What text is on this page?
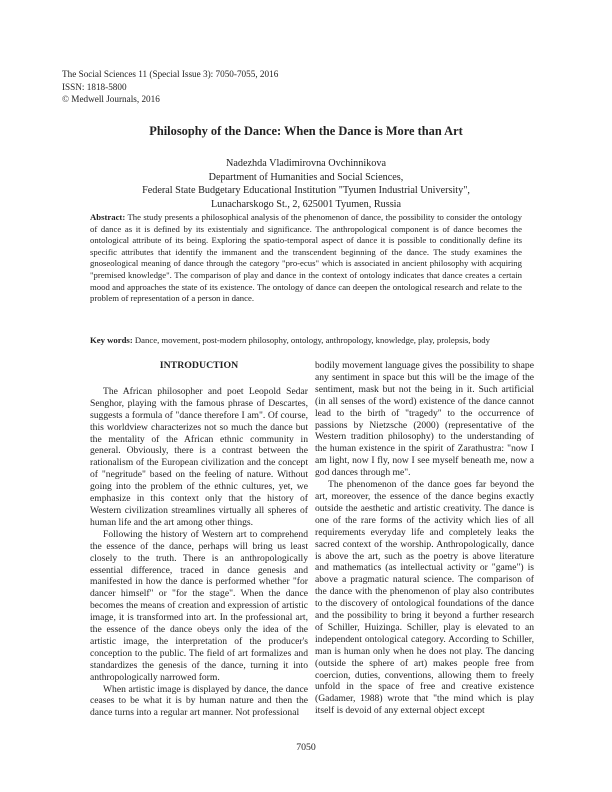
The Social Sciences 11 (Special Issue 3): 7050-7055, 2016
ISSN: 1818-5800
© Medwell Journals, 2016
Philosophy of the Dance: When the Dance is More than Art
Nadezhda Vladimirovna Ovchinnikova
Department of Humanities and Social Sciences,
Federal State Budgetary Educational Institution "Tyumen Industrial University",
Lunacharskogo St., 2, 625001 Tyumen, Russia
Abstract: The study presents a philosophical analysis of the phenomenon of dance, the possibility to consider the ontology of dance as it is defined by its existentialy and significance. The anthropological component is of dance becomes the ontological attribute of its being. Exploring the spatio-temporal aspect of dance it is possible to conditionally define its specific attributes that identify the immanent and the transcendent beginning of the dance. The study examines the gnoseological meaning of dance through the category "pro-ecus" which is associated in ancient philosophy with acquiring "premised knowledge". The comparison of play and dance in the context of ontology indicates that dance creates a certain mood and approaches the state of its existence. The ontology of dance can deepen the ontological research and relate to the problem of representation of a person in dance.
Key words: Dance, movement, post-modern philosophy, ontology, anthropology, knowledge, play, prolepsis, body
INTRODUCTION

The African philosopher and poet Leopold Sedar Senghor, playing with the famous phrase of Descartes, suggests a formula of "dance therefore I am". Of course, this worldview characterizes not so much the dance but the mentality of the African ethnic community in general. Obviously, there is a contrast between the rationalism of the European civilization and the concept of "negritude" based on the feeling of nature. Without going into the problem of the ethnic cultures, yet, we emphasize in this context only that the history of Western civilization streamlines virtually all spheres of human life and the art among other things.

Following the history of Western art to comprehend the essence of the dance, perhaps will bring us least closely to the truth. There is an anthropologically essential difference, traced in dance genesis and manifested in how the dance is performed whether "for dancer himself" or "for the stage". When the dance becomes the means of creation and expression of artistic image, it is transformed into art. In the professional art, the essence of the dance obeys only the idea of the artistic image, the interpretation of the producer's conception to the public. The field of art formalizes and standardizes the genesis of the dance, turning it into anthropologically narrowed form.

When artistic image is displayed by dance, the dance ceases to be what it is by human nature and then the dance turns into a regular art manner. Not professional

bodily movement language gives the possibility to shape any sentiment in space but this will be the image of the sentiment, mask but not the being in it. Such artificial (in all senses of the word) existence of the dance cannot lead to the birth of "tragedy" to the occurrence of passions by Nietzsche (2000) (representative of the Western tradition philosophy) to the understanding of the human existence in the spirit of Zarathustra: "now I am light, now I fly, now I see myself beneath me, now a god dances through me".

The phenomenon of the dance goes far beyond the art, moreover, the essence of the dance begins exactly outside the aesthetic and artistic creativity. The dance is one of the rare forms of the activity which lies of all requirements everyday life and completely leaks the sacred context of the worship. Anthropologically, dance is above the art, such as the poetry is above literature and mathematics (as intellectual activity or "game") is above a pragmatic natural science. The comparison of the dance with the phenomenon of play also contributes to the discovery of ontological foundations of the dance and the possibility to bring it beyond a further research of Schiller, Huizinga. Schiller, play is elevated to an independent ontological category. According to Schiller, man is human only when he does not play. The dancing (outside the sphere of art) makes people free from coercion, duties, conventions, allowing them to freely unfold in the space of free and creative existence (Gadamer, 1988) wrote that "the mind which is play itself is devoid of any external object except

7050
